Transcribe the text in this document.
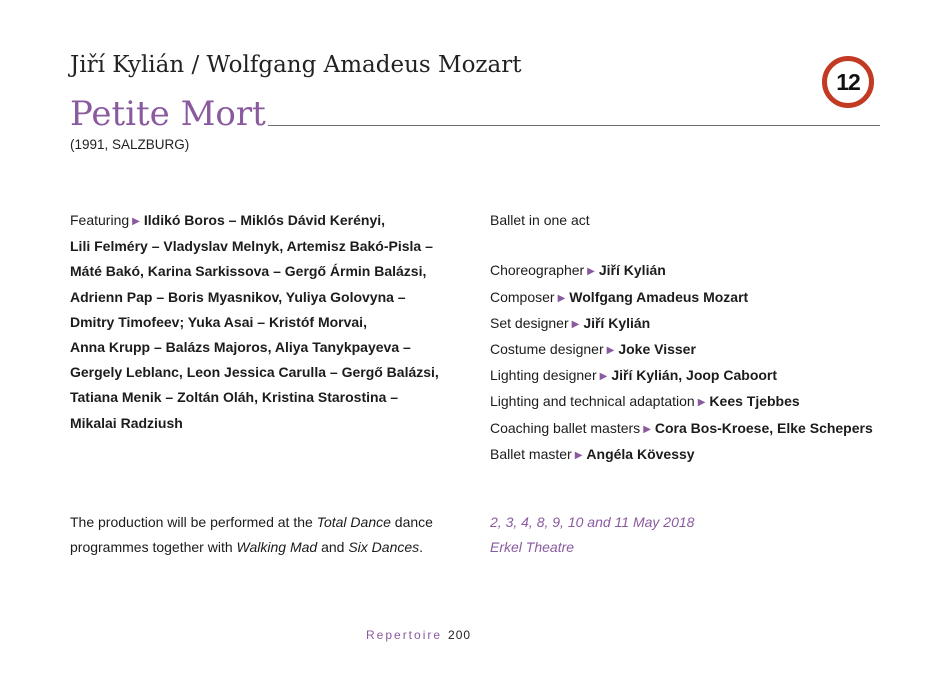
Jiří Kylián / Wolfgang Amadeus Mozart
Petite Mort
(1991, SALZBURG)
12

Featuring ▶ Ildikó Boros – Miklós Dávid Kerényi,
Lili Felméry – Vladyslav Melnyk, Artemisz Bakó-Pisla –
Máté Bakó, Karina Sarkissova – Gergő Ármin Balázsi,
Adrienn Pap – Boris Myasnikov, Yuliya Golovyna –
Dmitry Timofeev; Yuka Asai – Kristóf Morvai,
Anna Krupp – Balázs Majoros, Aliya Tanykpayeva –
Gergely Leblanc, Leon Jessica Carulla – Gergő Balázsi,
Tatiana Menik – Zoltán Oláh, Kristina Starostina –
Mikalai Radziush

Ballet in one act
Choreographer ▶ Jiří Kylián
Composer ▶ Wolfgang Amadeus Mozart
Set designer ▶ Jiří Kylián
Costume designer ▶ Joke Visser
Lighting designer ▶ Jiří Kylián, Joop Caboort
Lighting and technical adaptation ▶ Kees Tjebbes
Coaching ballet masters ▶ Cora Bos-Kroese, Elke Schepers
Ballet master ▶ Angéla Kövessy
The production will be performed at the Total Dance dance programmes together with Walking Mad and Six Dances.
2, 3, 4, 8, 9, 10 and 11 May 2018
Erkel Theatre
Repertoire 200
